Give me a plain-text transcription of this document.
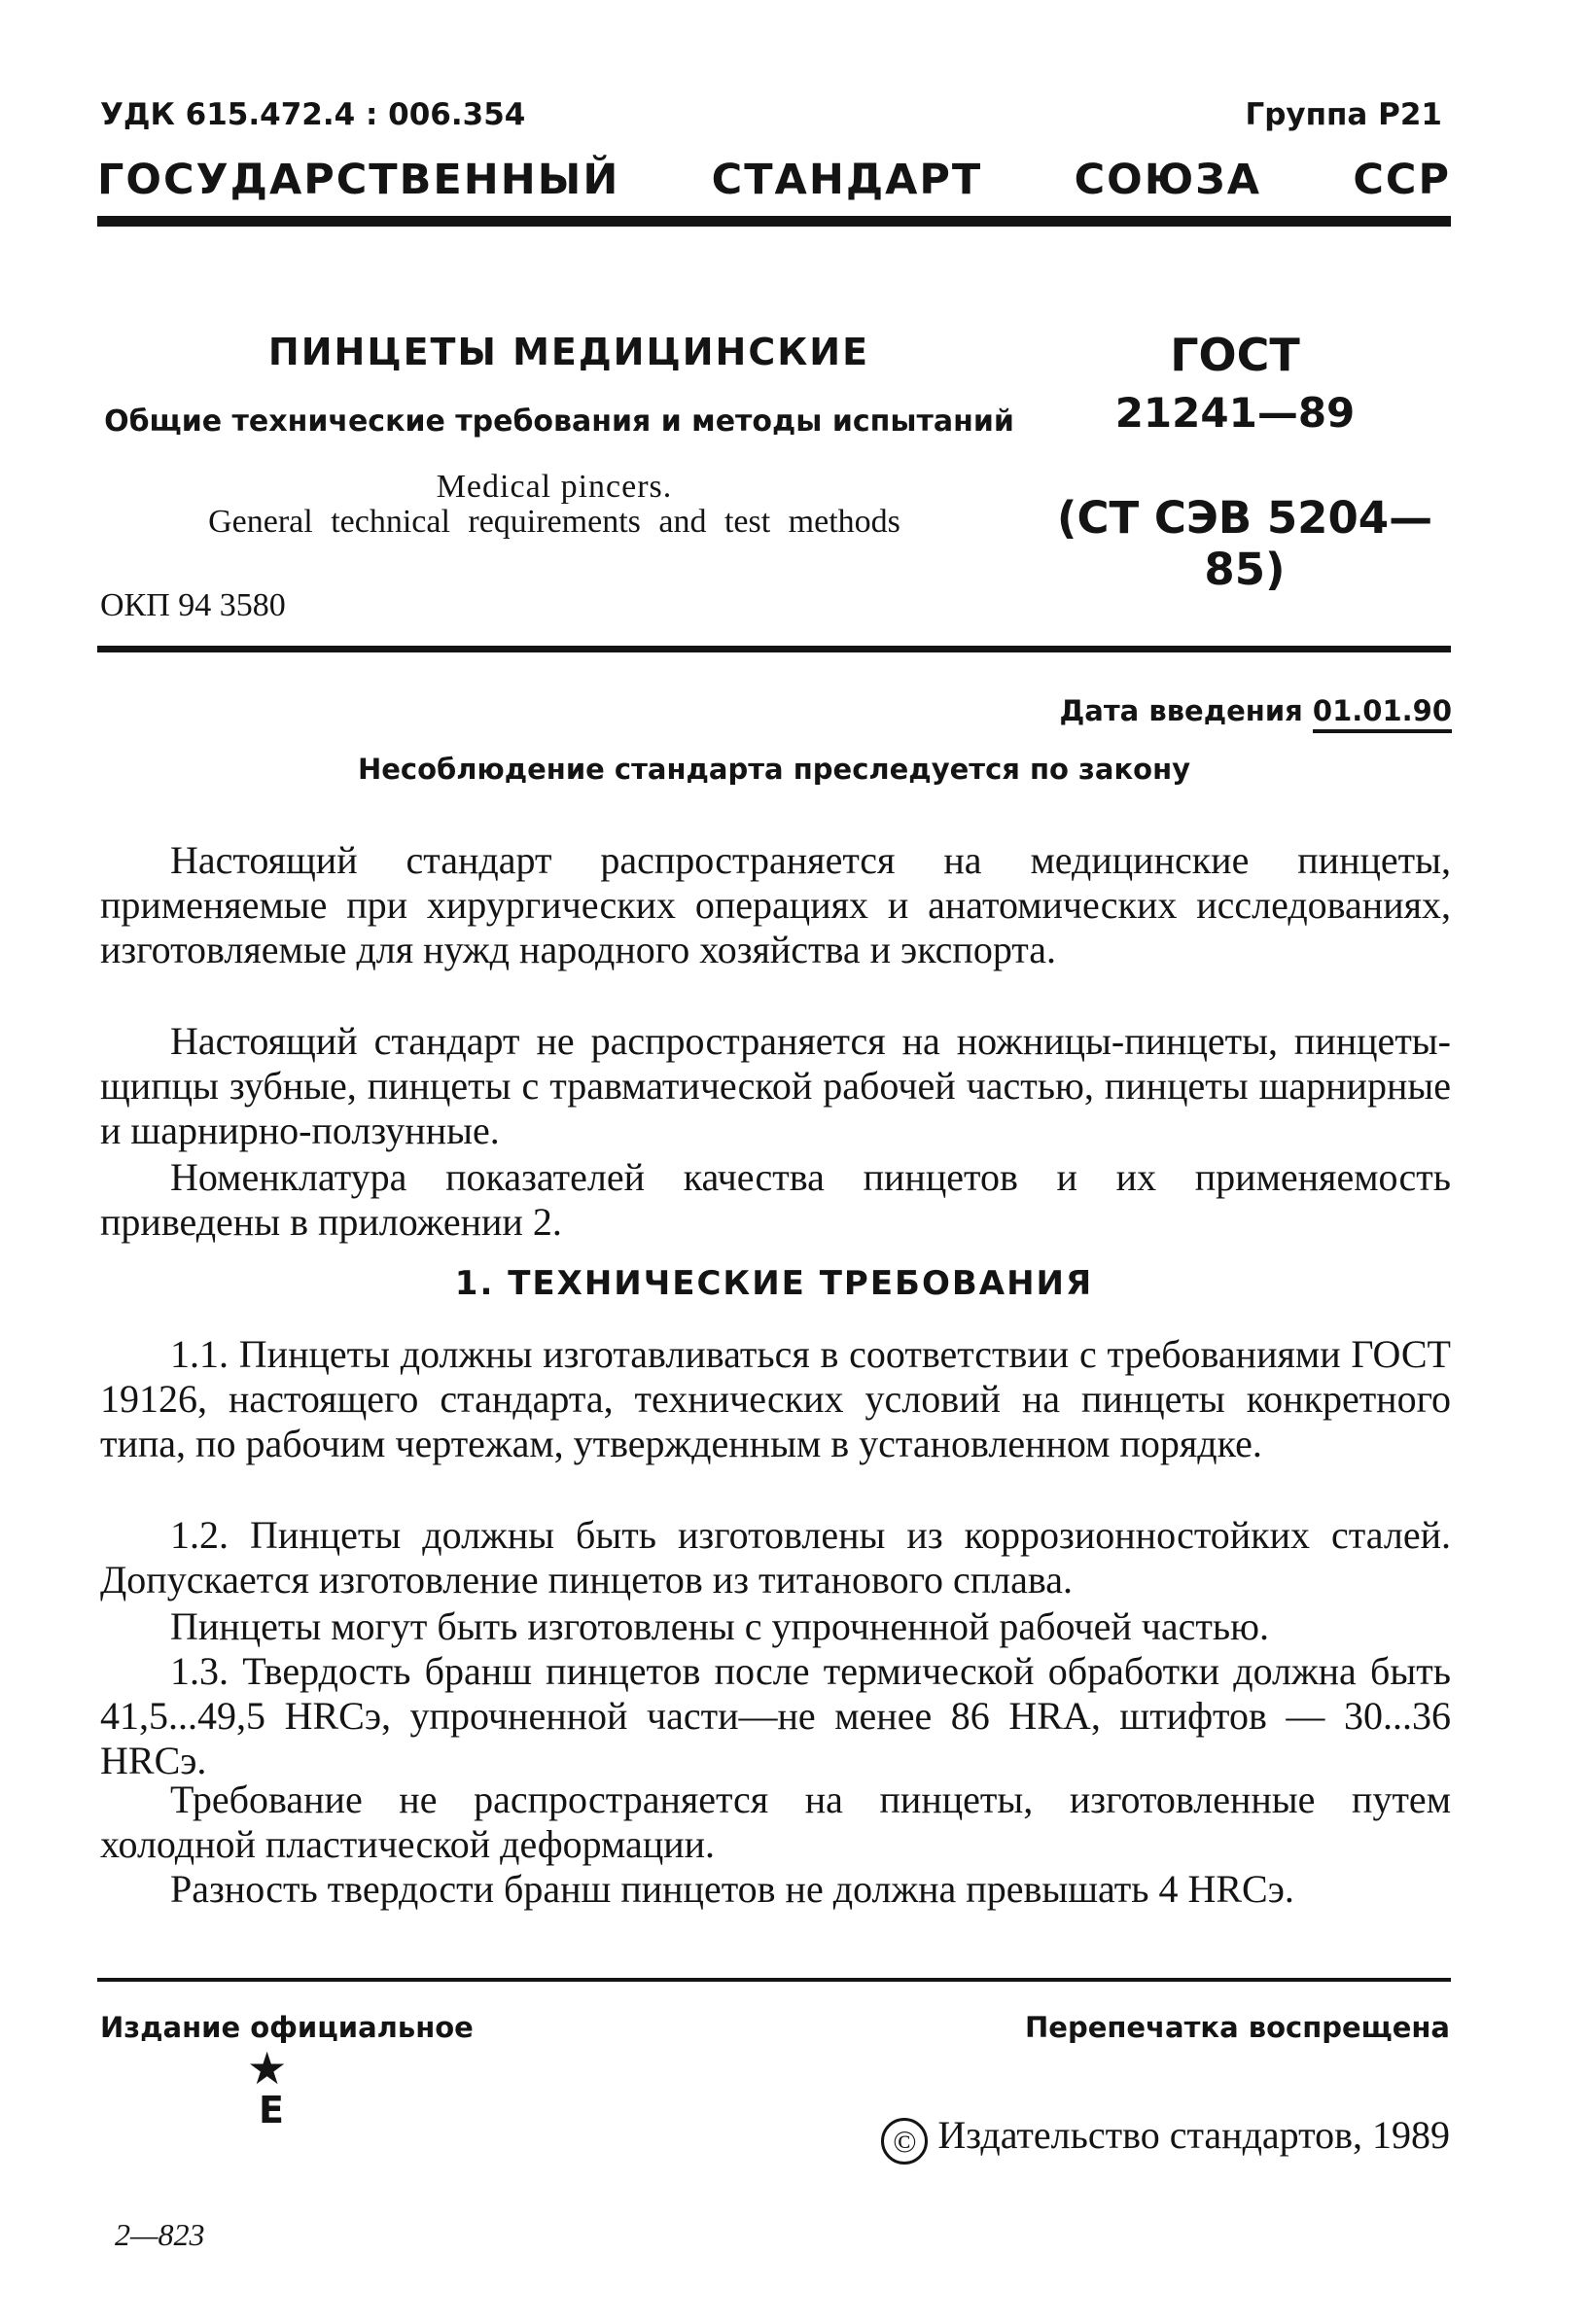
УДК 615.472.4 : 006.354	Группа Р21
ГОСУДАРСТВЕННЫЙ СТАНДАРТ СОЮЗА ССР
ПИНЦЕТЫ МЕДИЦИНСКИЕ
Общие технические требования и методы испытаний
Medical pincers.
General technical requirements and test methods
ГОСТ
21241—89
(СТ СЭВ 5204—85)
ОКП 94 3580
Дата введения 01.01.90
Несоблюдение стандарта преследуется по закону

Настоящий стандарт распространяется на медицинские пинцеты, применяемые при хирургических операциях и анатомических исследованиях, изготовляемые для нужд народного хозяйства и экспорта.

Настоящий стандарт не распространяется на ножницы-пинцеты, пинцеты-щипцы зубные, пинцеты с травматической рабочей частью, пинцеты шарнирные и шарнирно-ползунные.

Номенклатура показателей качества пинцетов и их применяемость приведены в приложении 2.

1. ТЕХНИЧЕСКИЕ ТРЕБОВАНИЯ

1.1. Пинцеты должны изготавливаться в соответствии с требованиями ГОСТ 19126, настоящего стандарта, технических условий на пинцеты конкретного типа, по рабочим чертежам, утвержденным в установленном порядке.

1.2. Пинцеты должны быть изготовлены из коррозионностойких сталей. Допускается изготовление пинцетов из титанового сплава.

Пинцеты могут быть изготовлены с упрочненной рабочей частью.

1.3. Твердость бранш пинцетов после термической обработки должна быть 41,5...49,5 HRCэ, упрочненной части—не менее 86 HRA, штифтов — 30...36 HRCэ.

Требование не распространяется на пинцеты, изготовленные путем холодной пластической деформации.

Разность твердости бранш пинцетов не должна превышать 4 HRCэ.

Издание официальное	Перепечатка воспрещена
★
Е
© Издательство стандартов, 1989
2—823
